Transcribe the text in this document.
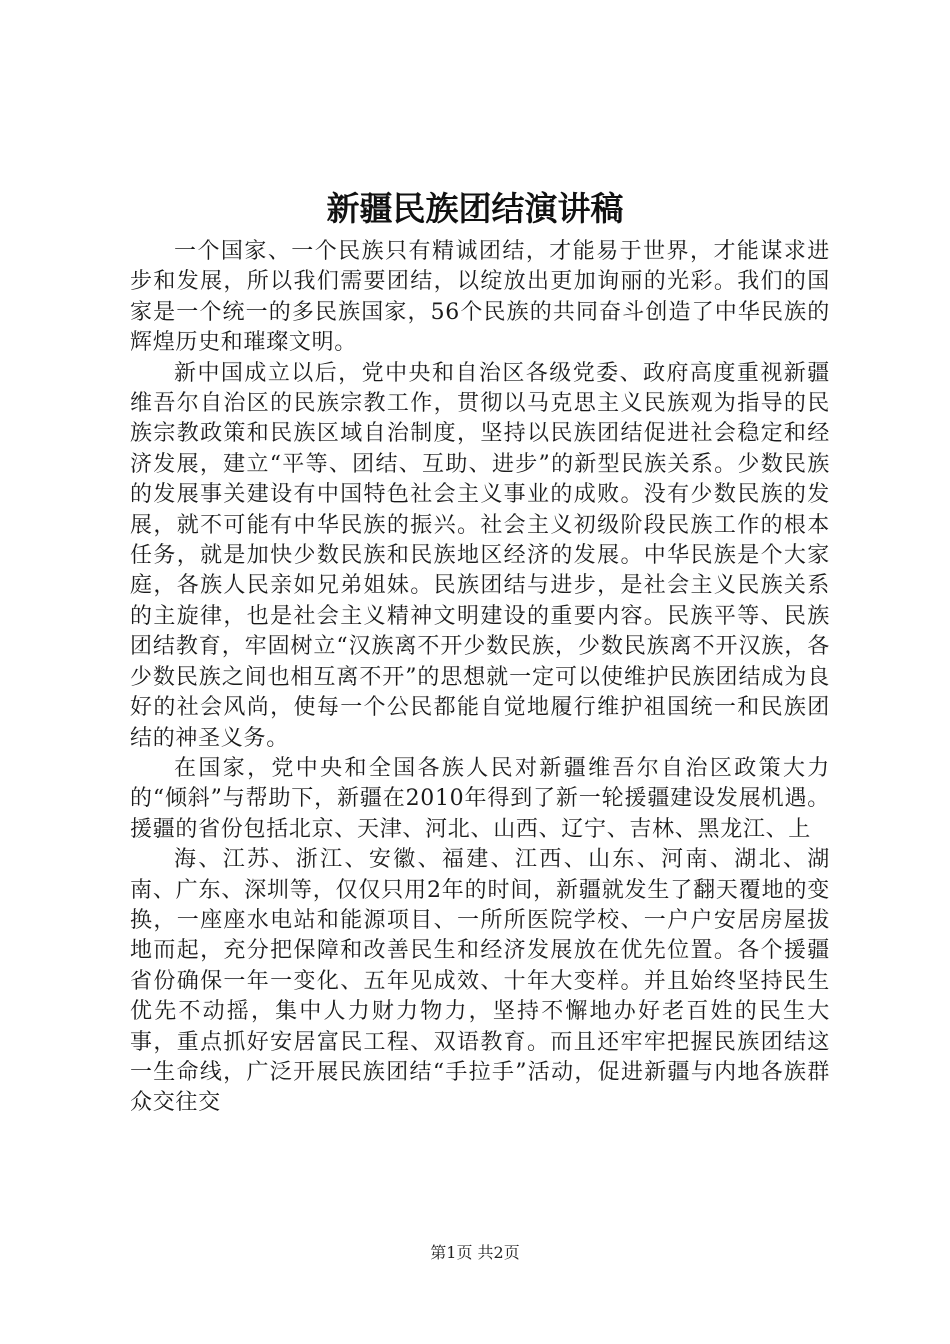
新疆民族团结演讲稿

一个国家、一个民族只有精诚团结，才能易于世界，才能谋求进步和发展，所以我们需要团结，以绽放出更加询丽的光彩。我们的国家是一个统一的多民族国家，56个民族的共同奋斗创造了中华民族的辉煌历史和璀璨文明。

新中国成立以后，党中央和自治区各级党委、政府高度重视新疆维吾尔自治区的民族宗教工作，贯彻以马克思主义民族观为指导的民族宗教政策和民族区域自治制度，坚持以民族团结促进社会稳定和经济发展，建立“平等、团结、互助、进步”的新型民族关系。少数民族的发展事关建设有中国特色社会主义事业的成败。没有少数民族的发展，就不可能有中华民族的振兴。社会主义初级阶段民族工作的根本任务，就是加快少数民族和民族地区经济的发展。中华民族是个大家庭，各族人民亲如兄弟姐妹。民族团结与进步，是社会主义民族关系的主旋律，也是社会主义精神文明建设的重要内容。民族平等、民族团结教育，牢固树立“汉族离不开少数民族，少数民族离不开汉族，各少数民族之间也相互离不开”的思想就一定可以使维护民族团结成为良好的社会风尚，使每一个公民都能自觉地履行维护祖国统一和民族团结的神圣义务。

在国家，党中央和全国各族人民对新疆维吾尔自治区政策大力的“倾斜”与帮助下，新疆在2010年得到了新一轮援疆建设发展机遇。援疆的省份包括北京、天津、河北、山西、辽宁、吉林、黑龙江、上

海、江苏、浙江、安徽、福建、江西、山东、河南、湖北、湖南、广东、深圳等，仅仅只用2年的时间，新疆就发生了翻天覆地的变换，一座座水电站和能源项目、一所所医院学校、一户户安居房屋拔地而起，充分把保障和改善民生和经济发展放在优先位置。各个援疆省份确保一年一变化、五年见成效、十年大变样。并且始终坚持民生优先不动摇，集中人力财力物力，坚持不懈地办好老百姓的民生大事，重点抓好安居富民工程、双语教育。而且还牢牢把握民族团结这一生命线，广泛开展民族团结“手拉手”活动，促进新疆与内地各族群众交往交

第1页 共2页
